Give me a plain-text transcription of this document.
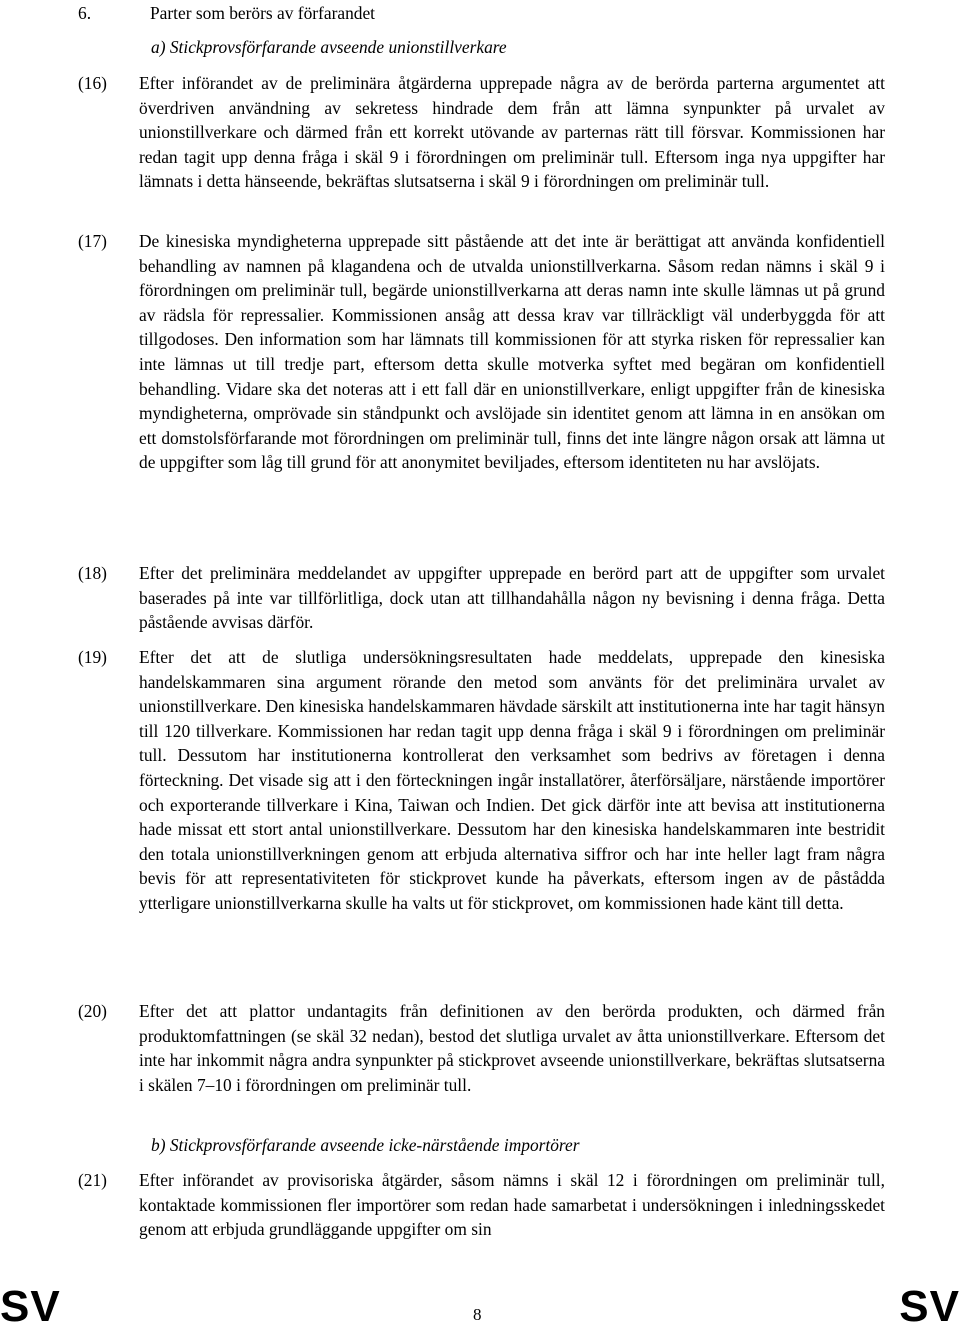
6.	Parter som berörs av förfarandet
a) Stickprovsförfarande avseende unionstillverkare
(16)	Efter införandet av de preliminära åtgärderna upprepade några av de berörda parterna argumentet att överdriven användning av sekretess hindrade dem från att lämna synpunkter på urvalet av unionstillverkare och därmed från ett korrekt utövande av parternas rätt till försvar. Kommissionen har redan tagit upp denna fråga i skäl 9 i förordningen om preliminär tull. Eftersom inga nya uppgifter har lämnats i detta hänseende, bekräftas slutsatserna i skäl 9 i förordningen om preliminär tull.
(17)	De kinesiska myndigheterna upprepade sitt påstående att det inte är berättigat att använda konfidentiell behandling av namnen på klagandena och de utvalda unionstillverkarna. Såsom redan nämns i skäl 9 i förordningen om preliminär tull, begärde unionstillverkarna att deras namn inte skulle lämnas ut på grund av rädsla för repressalier. Kommissionen ansåg att dessa krav var tillräckligt väl underbyggda för att tillgodoses. Den information som har lämnats till kommissionen för att styrka risken för repressalier kan inte lämnas ut till tredje part, eftersom detta skulle motverka syftet med begäran om konfidentiell behandling. Vidare ska det noteras att i ett fall där en unionstillverkare, enligt uppgifter från de kinesiska myndigheterna, omprövade sin ståndpunkt och avslöjade sin identitet genom att lämna in en ansökan om ett domstolsförfarande mot förordningen om preliminär tull, finns det inte längre någon orsak att lämna ut de uppgifter som låg till grund för att anonymitet beviljades, eftersom identiteten nu har avslöjats.
(18)	Efter det preliminära meddelandet av uppgifter upprepade en berörd part att de uppgifter som urvalet baserades på inte var tillförlitliga, dock utan att tillhandahålla någon ny bevisning i denna fråga. Detta påstående avvisas därför.
(19)	Efter det att de slutliga undersökningsresultaten hade meddelats, upprepade den kinesiska handelskammaren sina argument rörande den metod som använts för det preliminära urvalet av unionstillverkare. Den kinesiska handelskammaren hävdade särskilt att institutionerna inte har tagit hänsyn till 120 tillverkare. Kommissionen har redan tagit upp denna fråga i skäl 9 i förordningen om preliminär tull. Dessutom har institutionerna kontrollerat den verksamhet som bedrivs av företagen i denna förteckning. Det visade sig att i den förteckningen ingår installatörer, återförsäljare, närstående importörer och exporterande tillverkare i Kina, Taiwan och Indien. Det gick därför inte att bevisa att institutionerna hade missat ett stort antal unionstillverkare. Dessutom har den kinesiska handelskammaren inte bestridit den totala unionstillverkningen genom att erbjuda alternativa siffror och har inte heller lagt fram några bevis för att representativiteten för stickprovet kunde ha påverkats, eftersom ingen av de påstådda ytterligare unionstillverkarna skulle ha valts ut för stickprovet, om kommissionen hade känt till detta.
(20)	Efter det att plattor undantagits från definitionen av den berörda produkten, och därmed från produktomfattningen (se skäl 32 nedan), bestod det slutliga urvalet av åtta unionstillverkare. Eftersom det inte har inkommit några andra synpunkter på stickprovet avseende unionstillverkare, bekräftas slutsatserna i skälen 7–10 i förordningen om preliminär tull.
b) Stickprovsförfarande avseende icke-närstående importörer
(21)	Efter införandet av provisoriska åtgärder, såsom nämns i skäl 12 i förordningen om preliminär tull, kontaktade kommissionen fler importörer som redan hade samarbetat i undersökningen i inledningsskedet genom att erbjuda grundläggande uppgifter om sin
SV	8	SV
